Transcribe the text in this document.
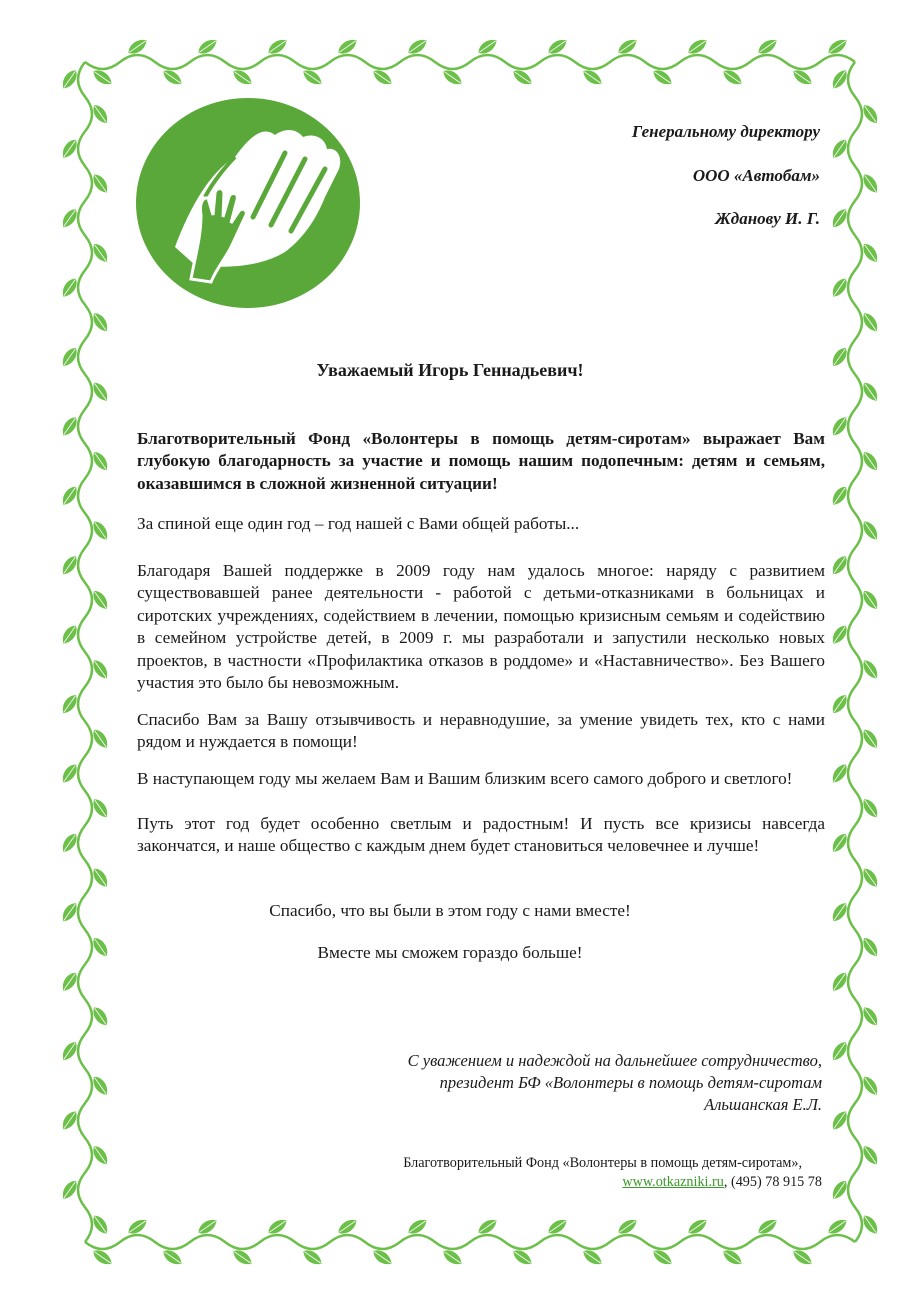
Генеральному директору
ООО «Автобам»
Жданову И. Г.
Уважаемый Игорь Геннадьевич!

Благотворительный Фонд «Волонтеры в помощь детям-сиротам» выражает Вам глубокую благодарность за участие и помощь нашим подопечным: детям и семьям, оказавшимся в сложной жизненной ситуации!

За спиной еще один год – год нашей с Вами общей работы...

Благодаря Вашей поддержке в 2009 году нам удалось многое: наряду с развитием существовавшей ранее деятельности - работой с детьми-отказниками в больницах и сиротских учреждениях, содействием в лечении, помощью кризисным семьям и содействию в семейном устройстве детей, в 2009 г. мы разработали и запустили несколько новых проектов, в частности «Профилактика отказов в роддоме» и «Наставничество». Без Вашего участия это было бы невозможным.

Спасибо Вам за Вашу отзывчивость и неравнодушие, за умение увидеть тех, кто с нами рядом и нуждается в помощи!

В наступающем году мы желаем Вам и Вашим близким всего самого доброго и светлого!

Путь этот год будет особенно светлым и радостным! И пусть все кризисы навсегда закончатся, и наше общество с каждым днем будет становиться человечнее и лучше!

Спасибо, что вы были в этом году с нами вместе!
Вместе мы сможем гораздо больше!
С уважением и надеждой на дальнейшее сотрудничество,
президент БФ «Волонтеры в помощь детям-сиротам
Альшанская Е.Л.
Благотворительный Фонд «Волонтеры в помощь детям-сиротам»,
www.otkazniki.ru, (495) 78 915 78
